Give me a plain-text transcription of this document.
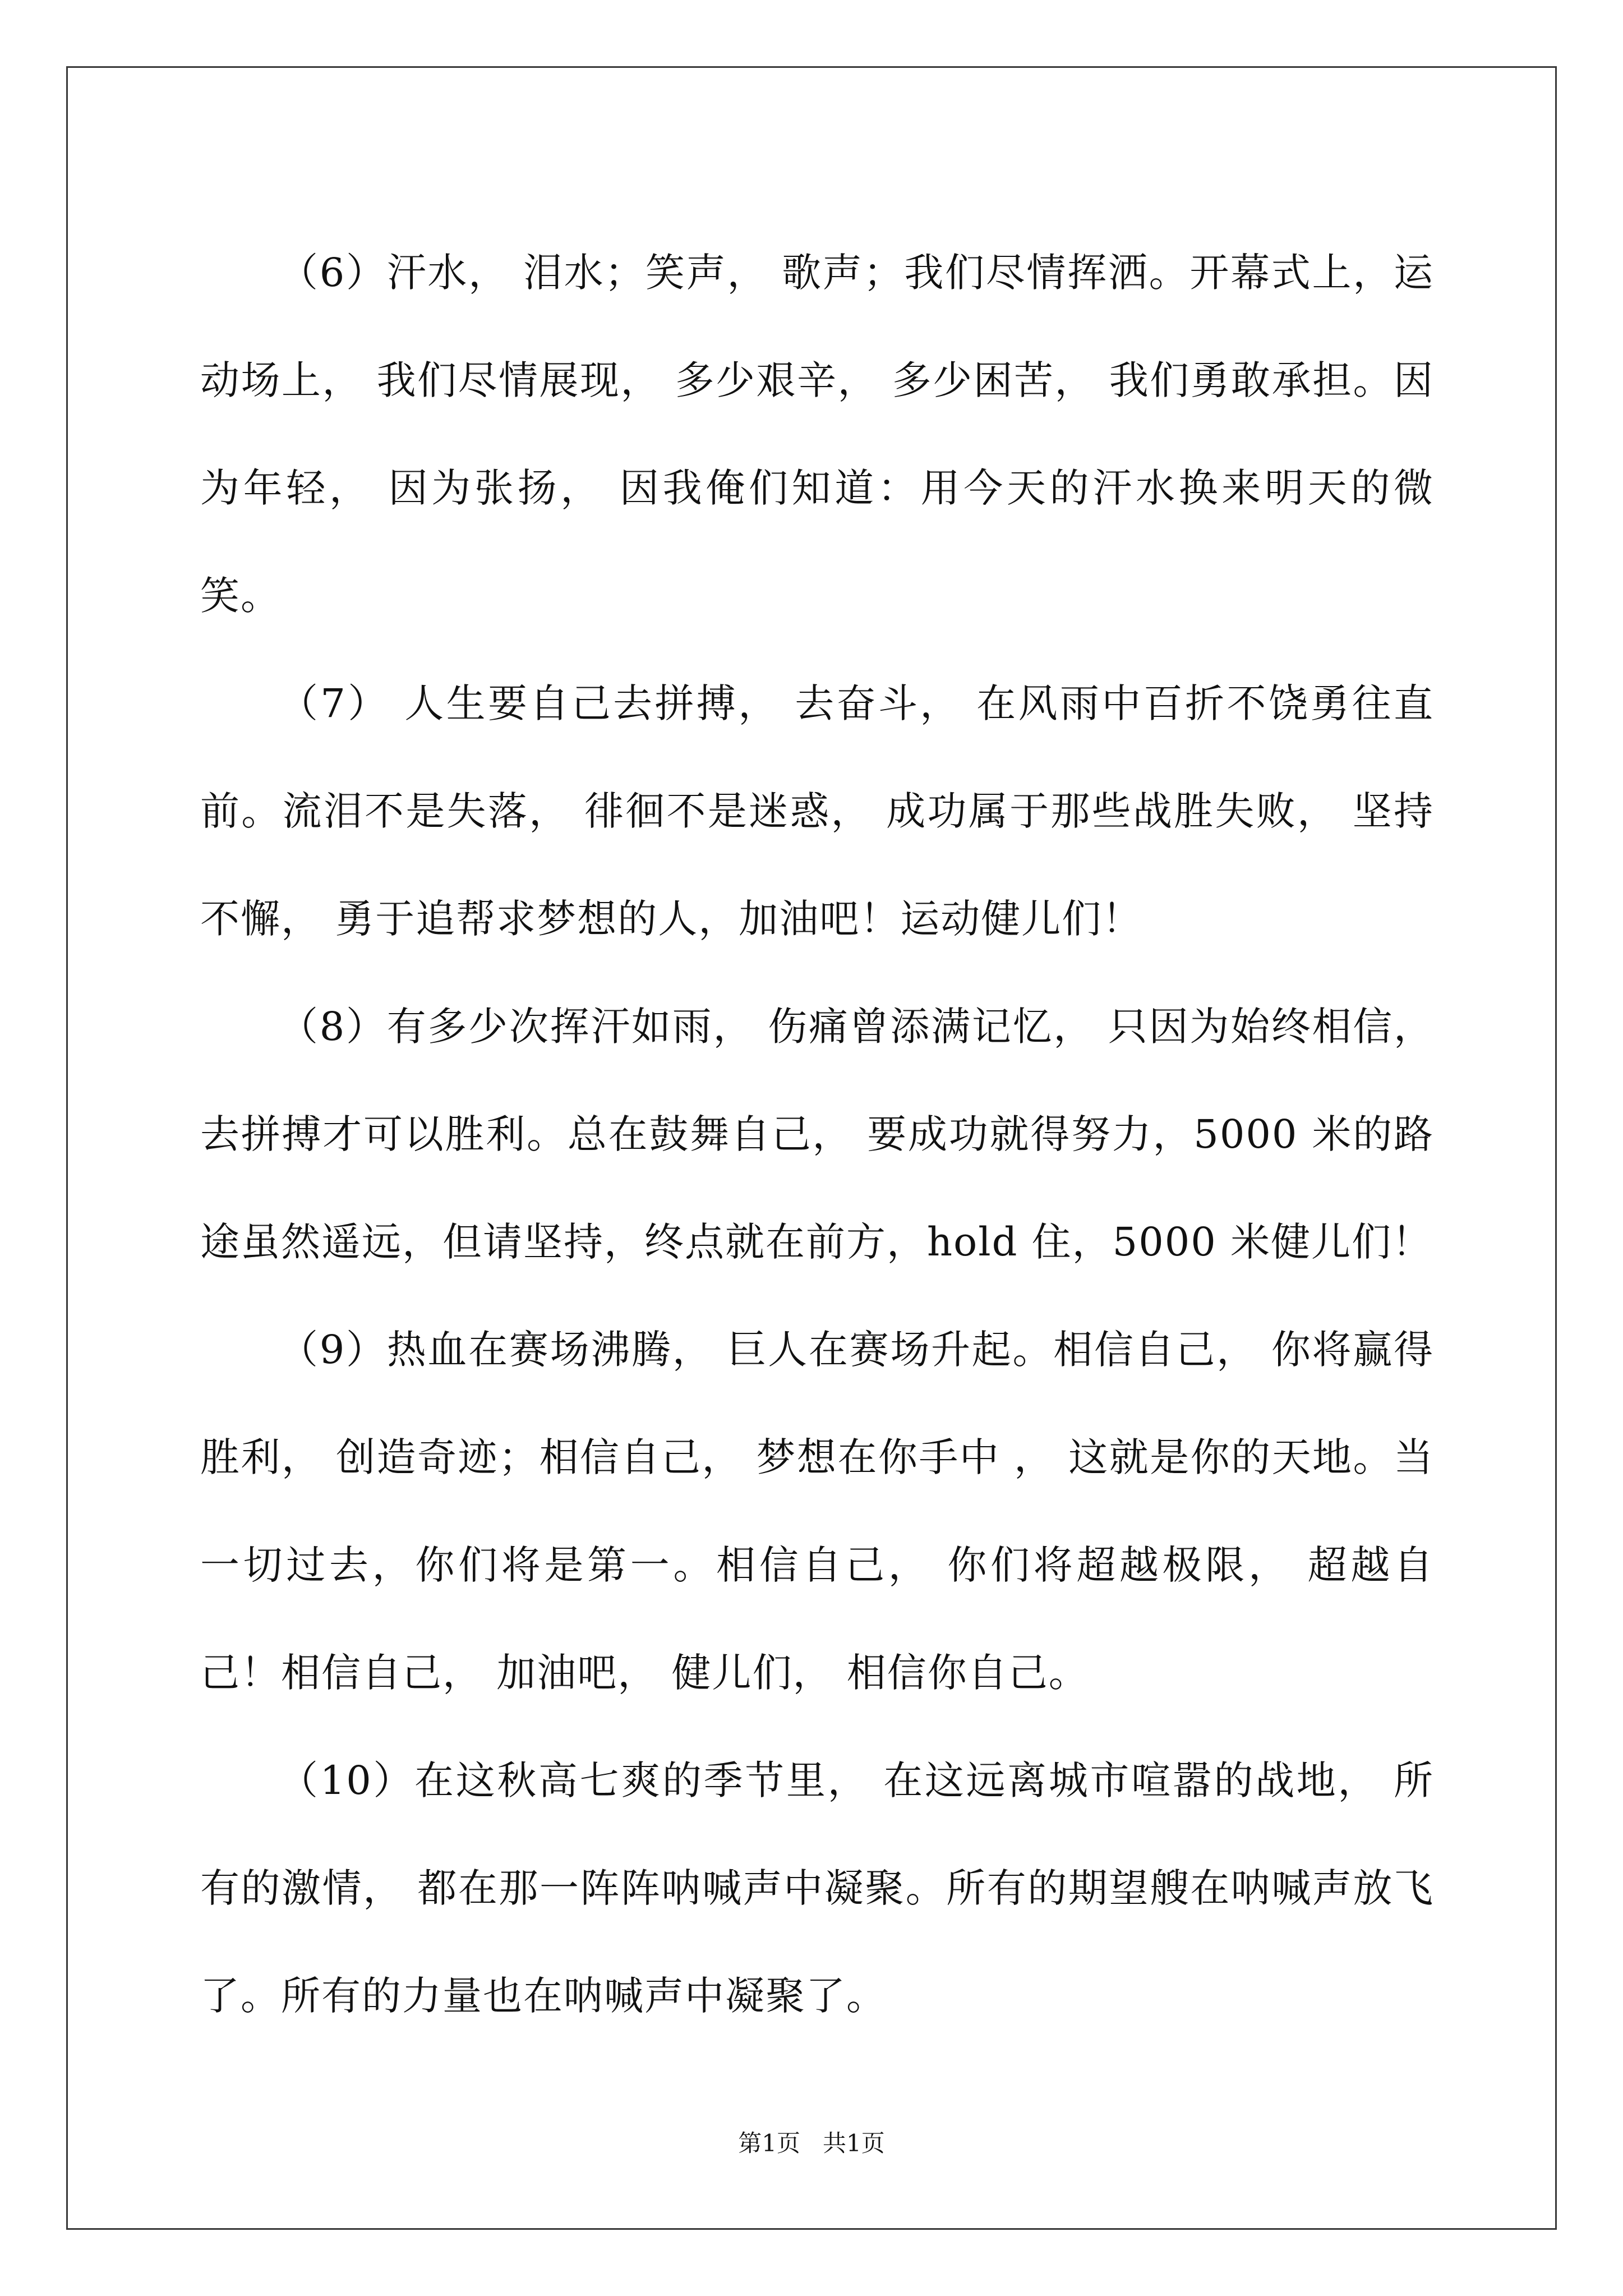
（6）汗水， 泪水；笑声， 歌声；我们尽情挥洒。开幕式上，运动场上， 我们尽情展现， 多少艰辛， 多少困苦， 我们勇敢承担。因为年轻， 因为张扬， 因我俺们知道：用今天的汗水换来明天的微笑。

（7） 人生要自己去拼搏， 去奋斗， 在风雨中百折不饶勇往直前。流泪不是失落， 徘徊不是迷惑， 成功属于那些战胜失败， 坚持不懈， 勇于追帮求梦想的人，加油吧！运动健儿们！

（8）有多少次挥汗如雨， 伤痛曾添满记忆， 只因为始终相信，去拼搏才可以胜利。总在鼓舞自己， 要成功就得努力，5000 米的路途虽然遥远，但请坚持，终点就在前方，hold 住，5000 米健儿们！

（9）热血在赛场沸腾， 巨人在赛场升起。相信自己， 你将赢得胜利， 创造奇迹；相信自己， 梦想在你手中 ， 这就是你的天地。当一切过去，你们将是第一。相信自己， 你们将超越极限， 超越自己！相信自己， 加油吧， 健儿们， 相信你自己。

（10）在这秋高七爽的季节里， 在这远离城市喧嚣的战地， 所有的激情， 都在那一阵阵呐喊声中凝聚。所有的期望艘在呐喊声放飞了。所有的力量也在呐喊声中凝聚了。

第1页 共1页
